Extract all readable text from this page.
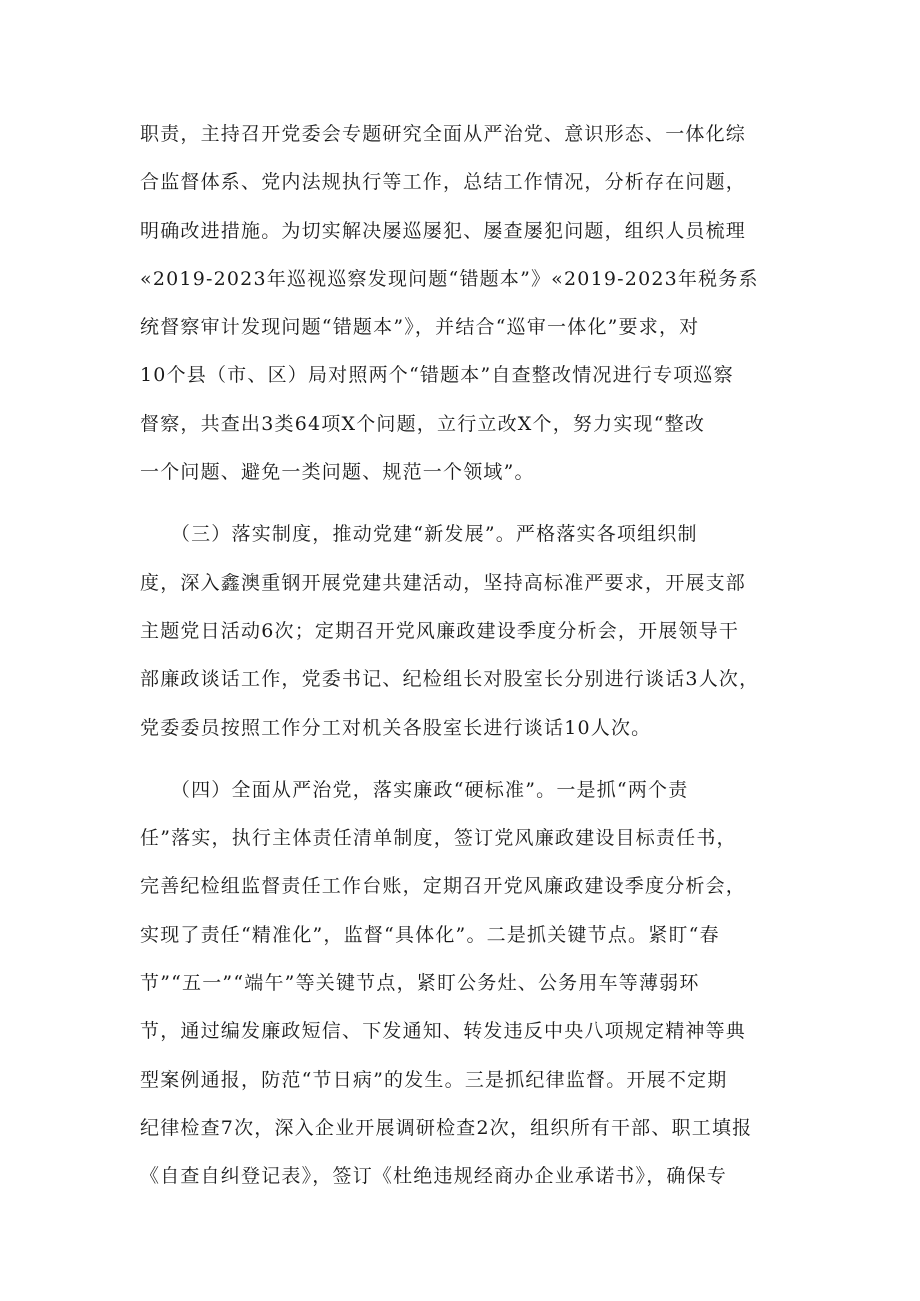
职责，主持召开党委会专题研究全面从严治党、意识形态、一体化综
合监督体系、党内法规执行等工作，总结工作情况，分析存在问题，
明确改进措施。为切实解决屡巡屡犯、屡查屡犯问题，组织人员梳理
«2019-2023年巡视巡察发现问题“错题本”》«2019-2023年税务系
统督察审计发现问题“错题本”》，并结合“巡审一体化”要求，对
10个县（市、区）局对照两个“错题本”自查整改情况进行专项巡察
督察，共查出3类64项X个问题，立行立改X个，努力实现“整改
一个问题、避免一类问题、规范一个领域”。
　　（三）落实制度，推动党建“新发展”。严格落实各项组织制
度，深入鑫澳重钢开展党建共建活动，坚持高标准严要求，开展支部
主题党日活动6次；定期召开党风廉政建设季度分析会，开展领导干
部廉政谈话工作，党委书记、纪检组长对股室长分别进行谈话3人次，
党委委员按照工作分工对机关各股室长进行谈话10人次。
　　（四）全面从严治党，落实廉政“硬标准”。一是抓“两个责
任”落实，执行主体责任清单制度，签订党风廉政建设目标责任书，
完善纪检组监督责任工作台账，定期召开党风廉政建设季度分析会，
实现了责任“精准化”，监督“具体化”。二是抓关键节点。紧盯“春
节”“五一”“端午”等关键节点，紧盯公务灶、公务用车等薄弱环
节，通过编发廉政短信、下发通知、转发违反中央八项规定精神等典
型案例通报，防范“节日病”的发生。三是抓纪律监督。开展不定期
纪律检查7次，深入企业开展调研检查2次，组织所有干部、职工填报
《自查自纠登记表》，签订《杜绝违规经商办企业承诺书》，确保专
